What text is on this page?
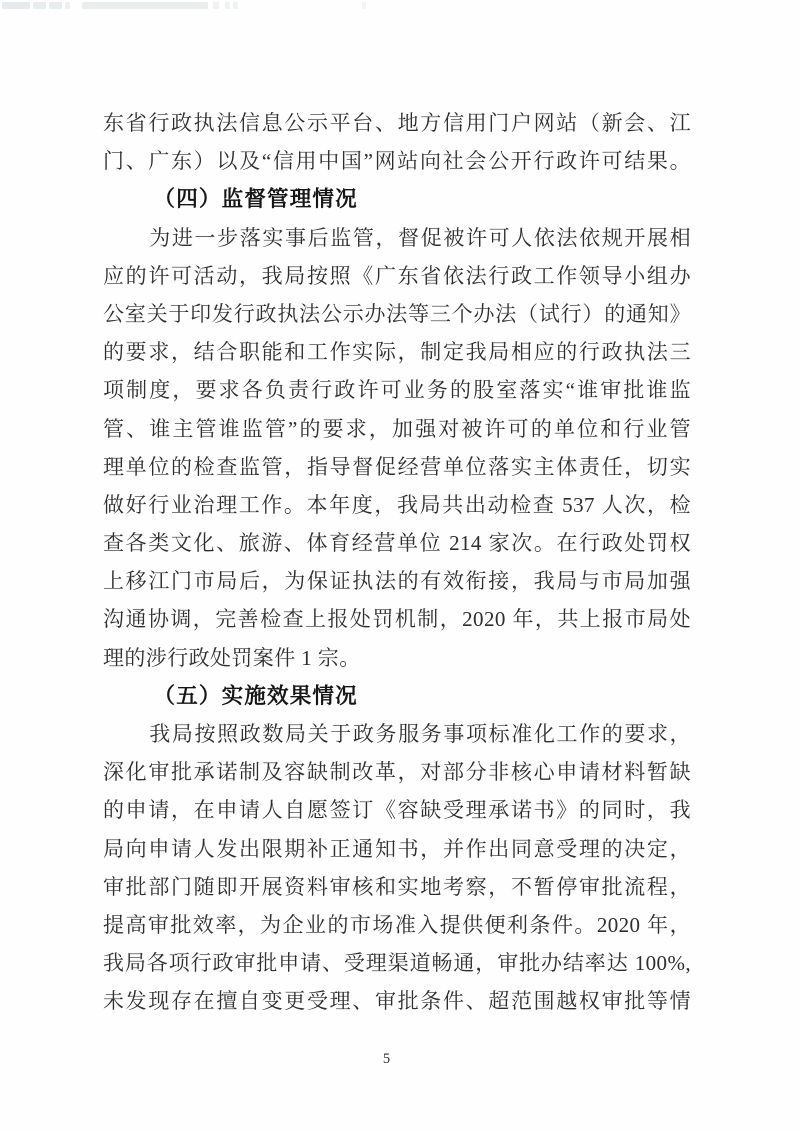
东省行政执法信息公示平台、地方信用门户网站（新会、江
门、广东）以及“信用中国”网站向社会公开行政许可结果。
（四）监督管理情况
为进一步落实事后监管，督促被许可人依法依规开展相
应的许可活动，我局按照《广东省依法行政工作领导小组办
公室关于印发行政执法公示办法等三个办法（试行）的通知》
的要求，结合职能和工作实际，制定我局相应的行政执法三
项制度，要求各负责行政许可业务的股室落实“谁审批谁监
管、谁主管谁监管”的要求，加强对被许可的单位和行业管
理单位的检查监管，指导督促经营单位落实主体责任，切实
做好行业治理工作。本年度，我局共出动检查 537 人次，检
查各类文化、旅游、体育经营单位 214 家次。在行政处罚权
上移江门市局后，为保证执法的有效衔接，我局与市局加强
沟通协调，完善检查上报处罚机制，2020 年，共上报市局处
理的涉行政处罚案件 1 宗。
（五）实施效果情况
我局按照政数局关于政务服务事项标准化工作的要求，
深化审批承诺制及容缺制改革，对部分非核心申请材料暂缺
的申请，在申请人自愿签订《容缺受理承诺书》的同时，我
局向申请人发出限期补正通知书，并作出同意受理的决定，
审批部门随即开展资料审核和实地考察，不暂停审批流程，
提高审批效率，为企业的市场准入提供便利条件。2020 年，
我局各项行政审批申请、受理渠道畅通，审批办结率达 100%,
未发现存在擅自变更受理、审批条件、超范围越权审批等情
5
